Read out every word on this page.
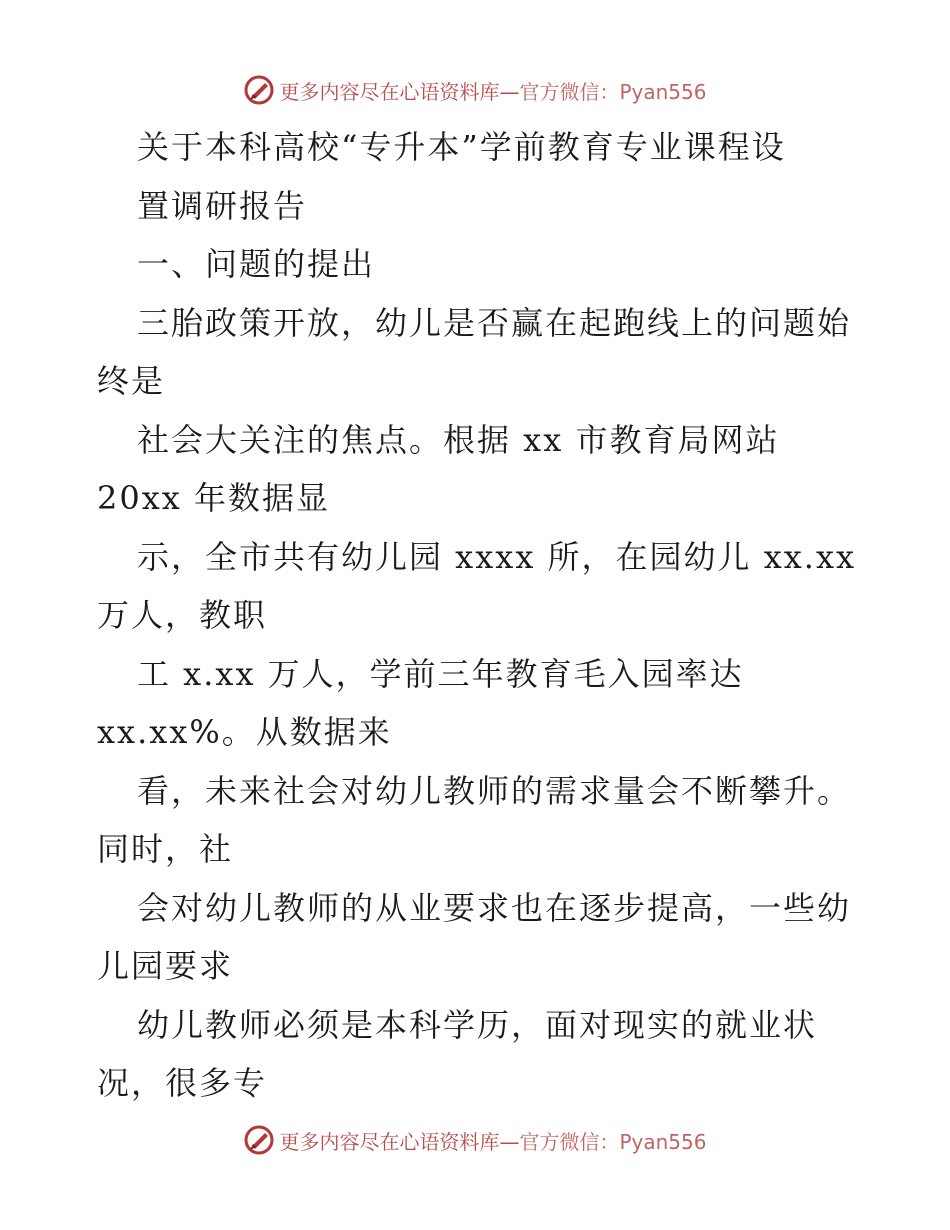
更多内容尽在心语资料库— 官方微信：Pyan556
关于本科高校“专升本”学前教育专业课程设
置调研报告
一、问题的提出
三胎政策开放，幼儿是否赢在起跑线上的问题始
终是
社会大关注的焦点。根据 xx 市教育局网站
20xx 年数据显
示，全市共有幼儿园 xxxx 所，在园幼儿 xx.xx
万人，教职
工 x.xx 万人，学前三年教育毛入园率达
xx.xx%。从数据来
看，未来社会对幼儿教师的需求量会不断攀升。
同时，社
会对幼儿教师的从业要求也在逐步提高，一些幼
儿园要求
幼儿教师必须是本科学历，面对现实的就业状
况，很多专
更多内容尽在心语资料库— 官方微信：Pyan556
